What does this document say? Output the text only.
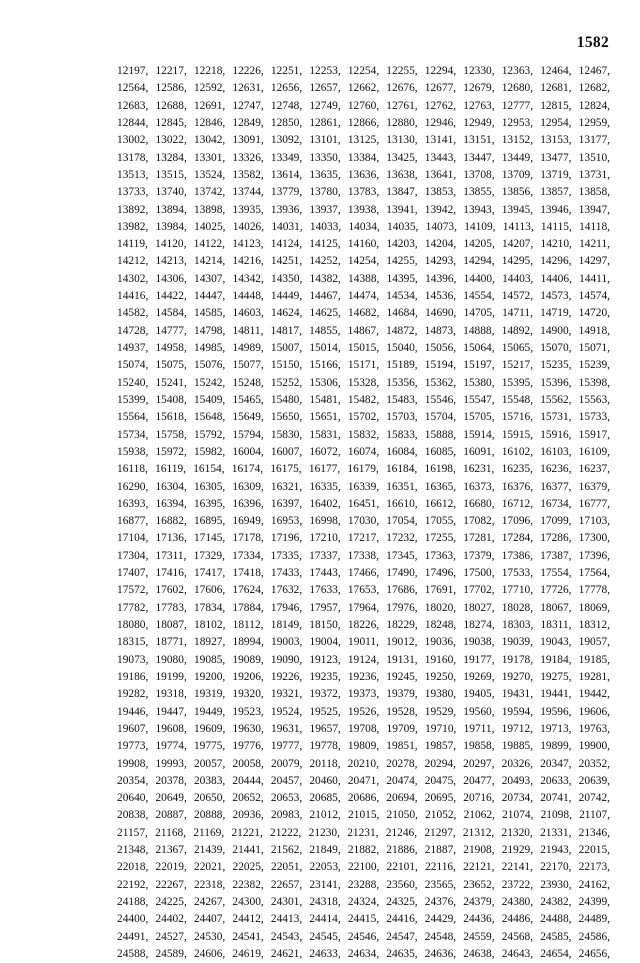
1582
12197, 12217, 12218, 12226, 12251, 12253, 12254, 12255, 12294, 12330, 12363, 12464, 12467,
12564, 12586, 12592, 12631, 12656, 12657, 12662, 12676, 12677, 12679, 12680, 12681, 12682,
12683, 12688, 12691, 12747, 12748, 12749, 12760, 12761, 12762, 12763, 12777, 12815, 12824,
12844, 12845, 12846, 12849, 12850, 12861, 12866, 12880, 12946, 12949, 12953, 12954, 12959,
13002, 13022, 13042, 13091, 13092, 13101, 13125, 13130, 13141, 13151, 13152, 13153, 13177,
13178, 13284, 13301, 13326, 13349, 13350, 13384, 13425, 13443, 13447, 13449, 13477, 13510,
13513, 13515, 13524, 13582, 13614, 13635, 13636, 13638, 13641, 13708, 13709, 13719, 13731,
13733, 13740, 13742, 13744, 13779, 13780, 13783, 13847, 13853, 13855, 13856, 13857, 13858,
13892, 13894, 13898, 13935, 13936, 13937, 13938, 13941, 13942, 13943, 13945, 13946, 13947,
13982, 13984, 14025, 14026, 14031, 14033, 14034, 14035, 14073, 14109, 14113, 14115, 14118,
14119, 14120, 14122, 14123, 14124, 14125, 14160, 14203, 14204, 14205, 14207, 14210, 14211,
14212, 14213, 14214, 14216, 14251, 14252, 14254, 14255, 14293, 14294, 14295, 14296, 14297,
14302, 14306, 14307, 14342, 14350, 14382, 14388, 14395, 14396, 14400, 14403, 14406, 14411,
14416, 14422, 14447, 14448, 14449, 14467, 14474, 14534, 14536, 14554, 14572, 14573, 14574,
14582, 14584, 14585, 14603, 14624, 14625, 14682, 14684, 14690, 14705, 14711, 14719, 14720,
14728, 14777, 14798, 14811, 14817, 14855, 14867, 14872, 14873, 14888, 14892, 14900, 14918,
14937, 14958, 14985, 14989, 15007, 15014, 15015, 15040, 15056, 15064, 15065, 15070, 15071,
15074, 15075, 15076, 15077, 15150, 15166, 15171, 15189, 15194, 15197, 15217, 15235, 15239,
15240, 15241, 15242, 15248, 15252, 15306, 15328, 15356, 15362, 15380, 15395, 15396, 15398,
15399, 15408, 15409, 15465, 15480, 15481, 15482, 15483, 15546, 15547, 15548, 15562, 15563,
15564, 15618, 15648, 15649, 15650, 15651, 15702, 15703, 15704, 15705, 15716, 15731, 15733,
15734, 15758, 15792, 15794, 15830, 15831, 15832, 15833, 15888, 15914, 15915, 15916, 15917,
15938, 15972, 15982, 16004, 16007, 16072, 16074, 16084, 16085, 16091, 16102, 16103, 16109,
16118, 16119, 16154, 16174, 16175, 16177, 16179, 16184, 16198, 16231, 16235, 16236, 16237,
16290, 16304, 16305, 16309, 16321, 16335, 16339, 16351, 16365, 16373, 16376, 16377, 16379,
16393, 16394, 16395, 16396, 16397, 16402, 16451, 16610, 16612, 16680, 16712, 16734, 16777,
16877, 16882, 16895, 16949, 16953, 16998, 17030, 17054, 17055, 17082, 17096, 17099, 17103,
17104, 17136, 17145, 17178, 17196, 17210, 17217, 17232, 17255, 17281, 17284, 17286, 17300,
17304, 17311, 17329, 17334, 17335, 17337, 17338, 17345, 17363, 17379, 17386, 17387, 17396,
17407, 17416, 17417, 17418, 17433, 17443, 17466, 17490, 17496, 17500, 17533, 17554, 17564,
17572, 17602, 17606, 17624, 17632, 17633, 17653, 17686, 17691, 17702, 17710, 17726, 17778,
17782, 17783, 17834, 17884, 17946, 17957, 17964, 17976, 18020, 18027, 18028, 18067, 18069,
18080, 18087, 18102, 18112, 18149, 18150, 18226, 18229, 18248, 18274, 18303, 18311, 18312,
18315, 18771, 18927, 18994, 19003, 19004, 19011, 19012, 19036, 19038, 19039, 19043, 19057,
19073, 19080, 19085, 19089, 19090, 19123, 19124, 19131, 19160, 19177, 19178, 19184, 19185,
19186, 19199, 19200, 19206, 19226, 19235, 19236, 19245, 19250, 19269, 19270, 19275, 19281,
19282, 19318, 19319, 19320, 19321, 19372, 19373, 19379, 19380, 19405, 19431, 19441, 19442,
19446, 19447, 19449, 19523, 19524, 19525, 19526, 19528, 19529, 19560, 19594, 19596, 19606,
19607, 19608, 19609, 19630, 19631, 19657, 19708, 19709, 19710, 19711, 19712, 19713, 19763,
19773, 19774, 19775, 19776, 19777, 19778, 19809, 19851, 19857, 19858, 19885, 19899, 19900,
19908, 19993, 20057, 20058, 20079, 20118, 20210, 20278, 20294, 20297, 20326, 20347, 20352,
20354, 20378, 20383, 20444, 20457, 20460, 20471, 20474, 20475, 20477, 20493, 20633, 20639,
20640, 20649, 20650, 20652, 20653, 20685, 20686, 20694, 20695, 20716, 20734, 20741, 20742,
20838, 20887, 20888, 20936, 20983, 21012, 21015, 21050, 21052, 21062, 21074, 21098, 21107,
21157, 21168, 21169, 21221, 21222, 21230, 21231, 21246, 21297, 21312, 21320, 21331, 21346,
21348, 21367, 21439, 21441, 21562, 21849, 21882, 21886, 21887, 21908, 21929, 21943, 22015,
22018, 22019, 22021, 22025, 22051, 22053, 22100, 22101, 22116, 22121, 22141, 22170, 22173,
22192, 22267, 22318, 22382, 22657, 23141, 23288, 23560, 23565, 23652, 23722, 23930, 24162,
24188, 24225, 24267, 24300, 24301, 24318, 24324, 24325, 24376, 24379, 24380, 24382, 24399,
24400, 24402, 24407, 24412, 24413, 24414, 24415, 24416, 24429, 24436, 24486, 24488, 24489,
24491, 24527, 24530, 24541, 24543, 24545, 24546, 24547, 24548, 24559, 24568, 24585, 24586,
24588, 24589, 24606, 24619, 24621, 24633, 24634, 24635, 24636, 24638, 24643, 24654, 24656,
